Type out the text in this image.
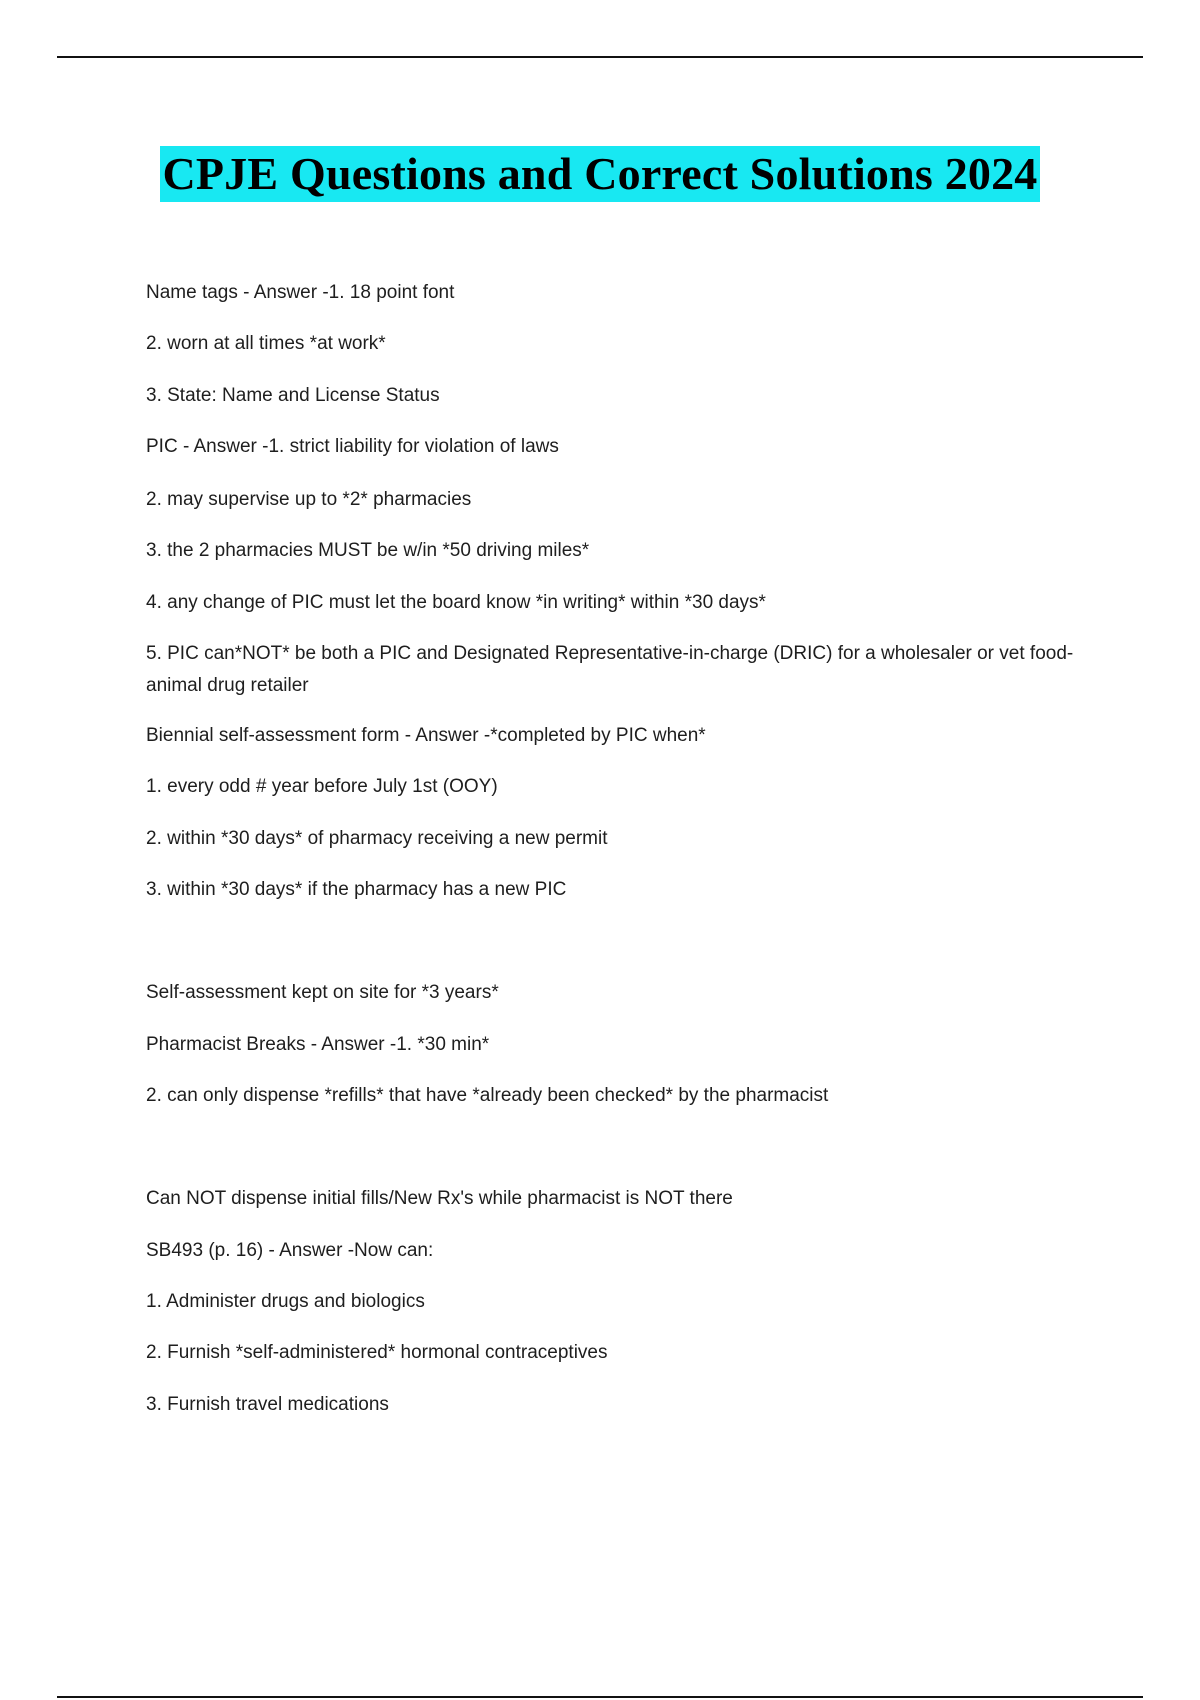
CPJE Questions and Correct Solutions 2024
Name tags - Answer -1. 18 point font
2. worn at all times *at work*
3. State: Name and License Status
PIC - Answer -1. strict liability for violation of laws
2. may supervise up to *2* pharmacies
3. the 2 pharmacies MUST be w/in *50 driving miles*
4. any change of PIC must let the board know *in writing* within *30 days*
5. PIC can*NOT* be both a PIC and Designated Representative-in-charge (DRIC) for a wholesaler or vet food-animal drug retailer
Biennial self-assessment form - Answer -*completed by PIC when*
1. every odd # year before July 1st (OOY)
2. within *30 days* of pharmacy receiving a new permit
3. within *30 days* if the pharmacy has a new PIC
Self-assessment kept on site for *3 years*
Pharmacist Breaks - Answer -1. *30 min*
2. can only dispense *refills* that have *already been checked* by the pharmacist
Can NOT dispense initial fills/New Rx's while pharmacist is NOT there
SB493 (p. 16) - Answer -Now can:
1. Administer drugs and biologics
2. Furnish *self-administered* hormonal contraceptives
3. Furnish travel medications
